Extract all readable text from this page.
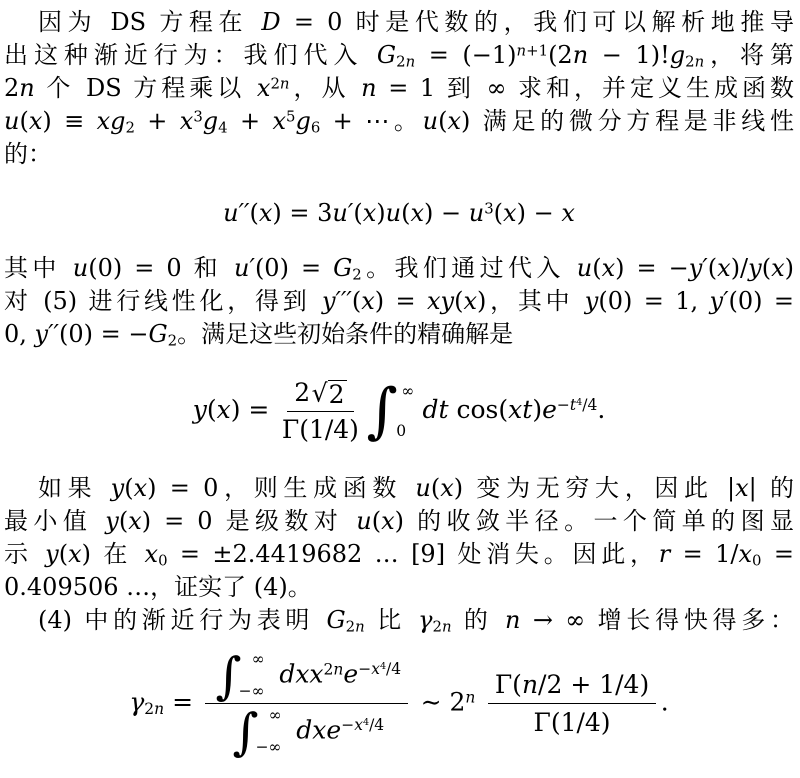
因为 DS 方程在 D = 0 时是代数的，我们可以解析地推导
出这种渐近行为：我们代入 $G_{2n} = (-1)^{n+1}(2n - 1)!g_{2n}$，将第
2n 个 DS 方程乘以 $x^{2n}$，从 n = 1 到 ∞ 求和，并定义生成函数
$u(x) \equiv xg_2 + x^3g_4 + x^5g_6$ + ⋯。u(x) 满足的微分方程是非线性
的：
$u''(x) = 3u'(x)u(x) - u^3(x) - x$
其中 u(0) = 0 和 $u'(0) = G_2$。我们通过代入 u(x) = −y′(x)/y(x)
对 (5) 进行线性化，得到 y′′′(x) = xy(x)，其中 y(0) = 1, y′(0) =
0, $y''(0) = -G_2$。满足这些初始条件的精确解是
$y(x) = \frac{2 √ 2}{\Gamma(1/4)}$ ∫ ∞
0
dt $\cos(xt)e^{-t^4/4}$.
如果 y(x) = 0，则生成函数 u(x) 变为无穷大，因此 |x| 的
最小值 y(x) = 0 是级数对 u(x) 的收敛半径。一个简单的图显
示 y(x) 在 $x_0 = \pm 2.4419682$ … [9] 处消失。因此，$r = 1/x_0$ =
0.409506 …，证实了 (4)。
(4) 中的渐近行为表明 $G_{2n}$ 比 $\gamma_{2n}$ 的 n → ∞ 增长得快得多：
$\gamma_{2n}$ = ∫ ∞
−∞
$dxx^{2n}e^{-x^4/4}$
∫ ∞
−∞
dxe$^{-x^4/4}$ ∼ $2^n \frac{\Gamma(n/2 + 1/4)}{\Gamma(1/4)}$ .
